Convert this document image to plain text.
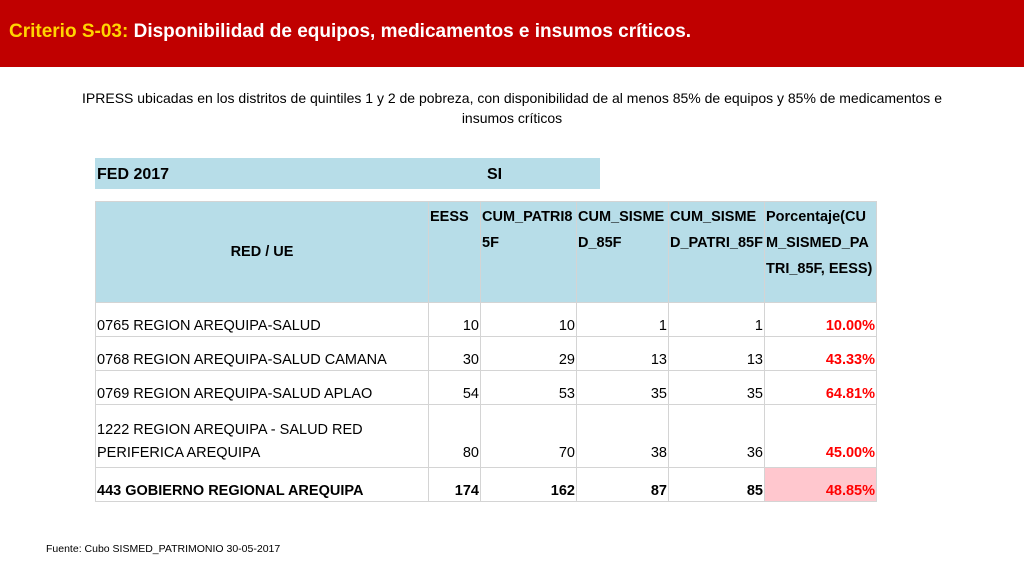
Criterio S-03: Disponibilidad de equipos, medicamentos e insumos críticos.
IPRESS ubicadas en los distritos de quintiles 1 y 2 de pobreza, con disponibilidad de al menos 85% de equipos y 85% de medicamentos e insumos críticos
FED 2017	SI
RED / UE	EESS	CUM_PATRI85F	CUM_SISMED_85F	CUM_SISMED_PATRI_85F	Porcentaje(CUM_SISMED_PATRI_85F, EESS)
0765 REGION AREQUIPA-SALUD	10	10	1	1	10.00%
0768 REGION AREQUIPA-SALUD CAMANA	30	29	13	13	43.33%
0769 REGION AREQUIPA-SALUD APLAO	54	53	35	35	64.81%
1222 REGION AREQUIPA - SALUD RED PERIFERICA AREQUIPA	80	70	38	36	45.00%
443 GOBIERNO REGIONAL AREQUIPA	174	162	87	85	48.85%
Fuente: Cubo SISMED_PATRIMONIO 30-05-2017
